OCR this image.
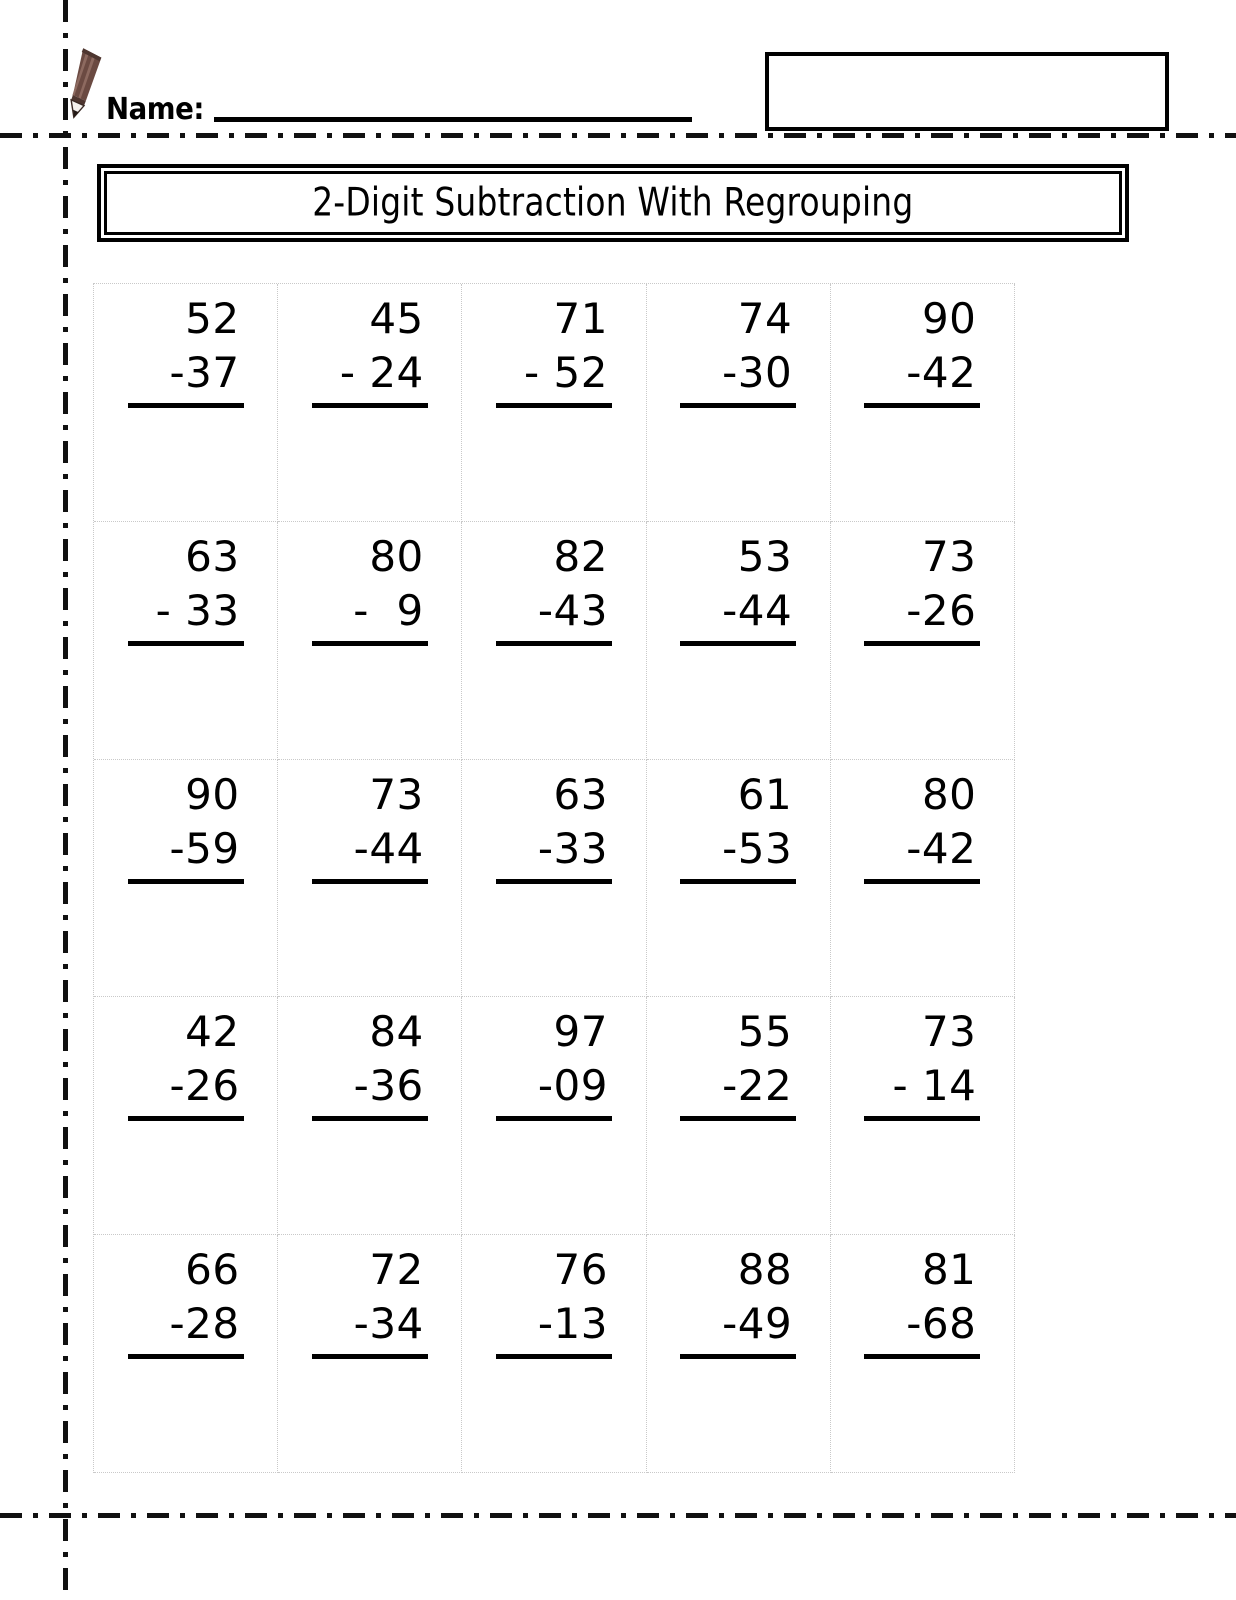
Name:
2-Digit Subtraction With Regrouping
52
-37
45
- 24
71
- 52
74
-30
90
-42
63
- 33
80
-  9
82
-43
53
-44
73
-26
90
-59
73
-44
63
-33
61
-53
80
-42
42
-26
84
-36
97
-09
55
-22
73
- 14
66
-28
72
-34
76
-13
88
-49
81
-68
